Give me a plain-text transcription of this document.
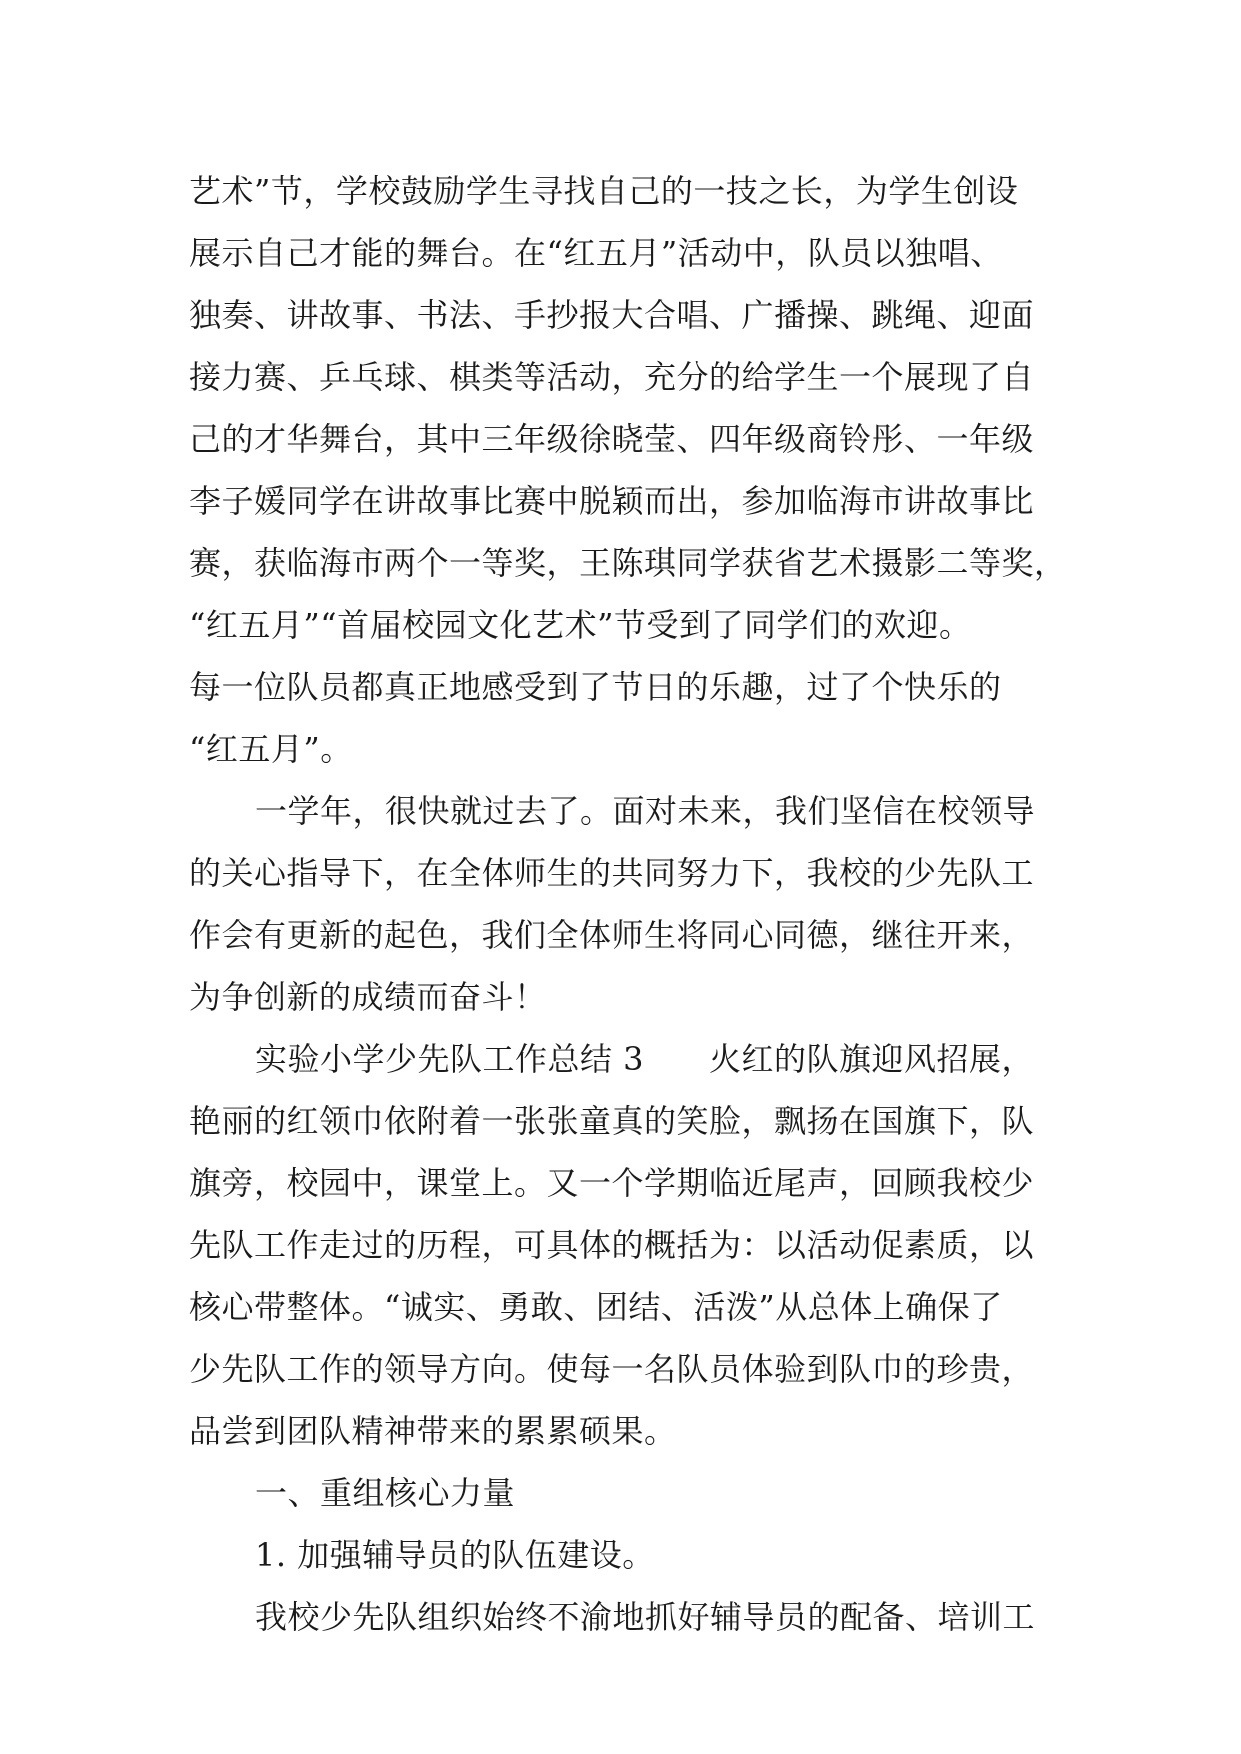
艺术”节，学校鼓励学生寻找自己的一技之长，为学生创设
展示自己才能的舞台。在“红五月”活动中，队员以独唱、
独奏、讲故事、书法、手抄报大合唱、广播操、跳绳、迎面
接力赛、乒乓球、棋类等活动，充分的给学生一个展现了自
己的才华舞台，其中三年级徐晓莹、四年级商铃彤、一年级
李子媛同学在讲故事比赛中脱颖而出，参加临海市讲故事比
赛，获临海市两个一等奖，王陈琪同学获省艺术摄影二等奖，
“红五月”“首届校园文化艺术”节受到了同学们的欢迎。
每一位队员都真正地感受到了节日的乐趣，过了个快乐的
“红五月”。
一学年，很快就过去了。面对未来，我们坚信在校领导
的关心指导下，在全体师生的共同努力下，我校的少先队工
作会有更新的起色，我们全体师生将同心同德，继往开来，
为争创新的成绩而奋斗！
实验小学少先队工作总结 3　　火红的队旗迎风招展，
艳丽的红领巾依附着一张张童真的笑脸，飘扬在国旗下，队
旗旁，校园中，课堂上。又一个学期临近尾声，回顾我校少
先队工作走过的历程，可具体的概括为：以活动促素质，以
核心带整体。“诚实、勇敢、团结、活泼”从总体上确保了
少先队工作的领导方向。使每一名队员体验到队巾的珍贵，
品尝到团队精神带来的累累硕果。
一、重组核心力量
1. 加强辅导员的队伍建设。
我校少先队组织始终不渝地抓好辅导员的配备、培训工
